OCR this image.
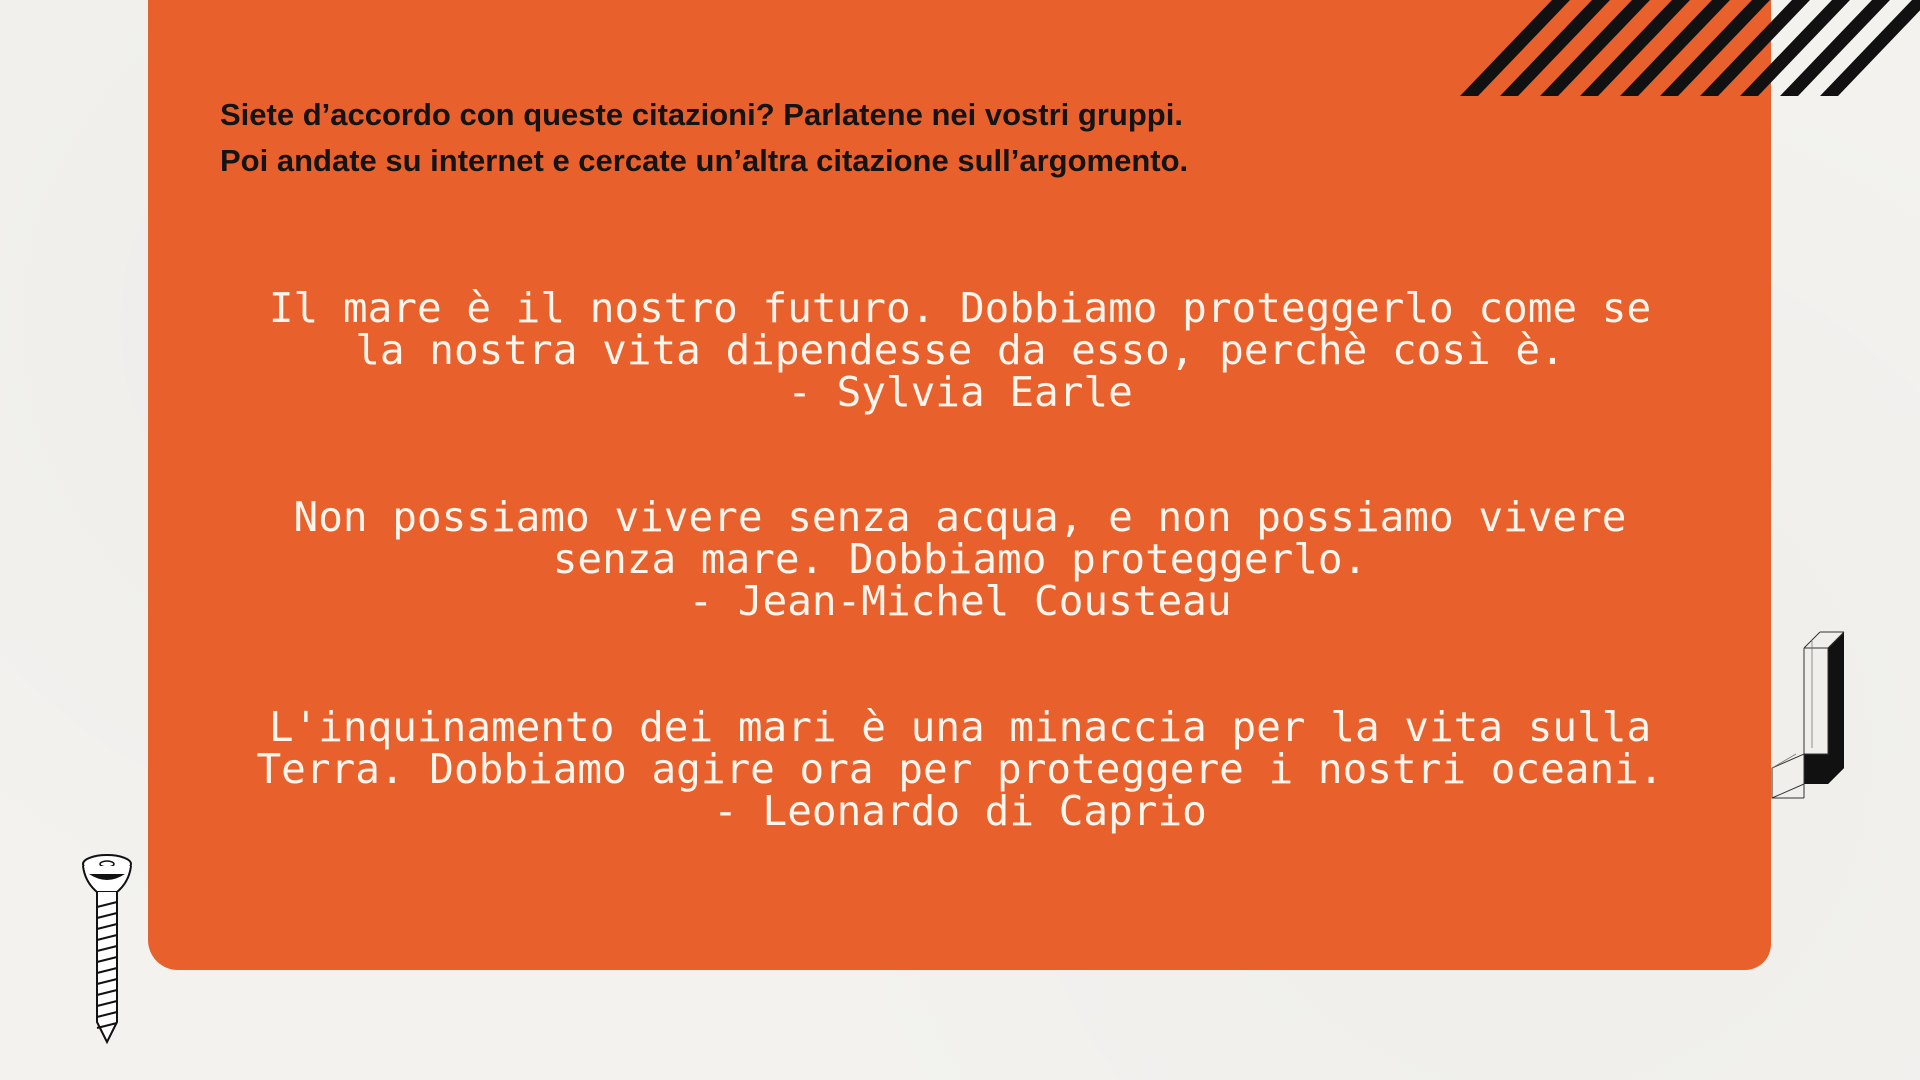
Siete d’accordo con queste citazioni? Parlatene nei vostri gruppi.
Poi andate su internet e cercate un’altra citazione sull’argomento.
Il mare è il nostro futuro. Dobbiamo proteggerlo come se
la nostra vita dipendesse da esso, perchè così è.
- Sylvia Earle
Non possiamo vivere senza acqua, e non possiamo vivere
senza mare. Dobbiamo proteggerlo.
- Jean-Michel Cousteau
L'inquinamento dei mari è una minaccia per la vita sulla
Terra. Dobbiamo agire ora per proteggere i nostri oceani.
- Leonardo di Caprio
